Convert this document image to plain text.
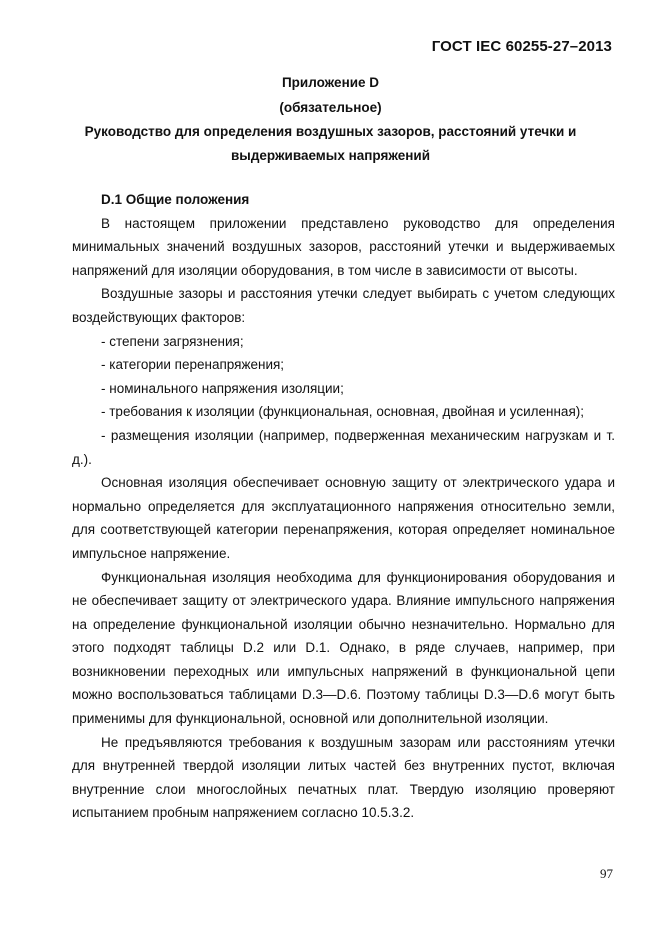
ГОСТ IEC 60255-27–2013
Приложение D
(обязательное)
Руководство для определения воздушных зазоров, расстояний утечки и
выдерживаемых напряжений

D.1 Общие положения

В настоящем приложении представлено руководство для определения минимальных значений воздушных зазоров, расстояний утечки и выдерживаемых напряжений для изоляции оборудования, в том числе в зависимости от высоты.

Воздушные зазоры и расстояния утечки следует выбирать с учетом следующих воздействующих факторов:

- степени загрязнения;

- категории перенапряжения;

- номинального напряжения изоляции;

- требования к изоляции (функциональная, основная, двойная и усиленная);

- размещения изоляции (например, подверженная механическим нагрузкам и т. д.).

Основная изоляция обеспечивает основную защиту от электрического удара и нормально определяется для эксплуатационного напряжения относительно земли, для соответствующей категории перенапряжения, которая определяет номинальное импульсное напряжение.

Функциональная изоляция необходима для функционирования оборудования и не обеспечивает защиту от электрического удара. Влияние импульсного напряжения на определение функциональной изоляции обычно незначительно. Нормально для этого подходят таблицы D.2 или D.1. Однако, в ряде случаев, например, при возникновении переходных или импульсных напряжений в функциональной цепи можно воспользоваться таблицами D.3—D.6. Поэтому таблицы D.3—D.6 могут быть применимы для функциональной, основной или дополнительной изоляции.

Не предъявляются требования к воздушным зазорам или расстояниям утечки для внутренней твердой изоляции литых частей без внутренних пустот, включая внутренние слои многослойных печатных плат. Твердую изоляцию проверяют испытанием пробным напряжением согласно 10.5.3.2.

97
